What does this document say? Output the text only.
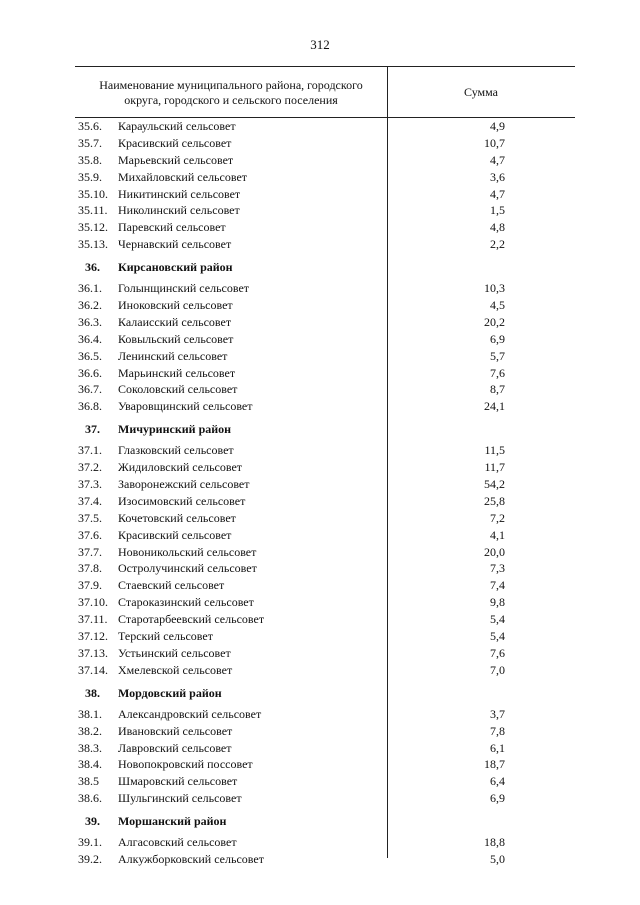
312
Наименование муниципального района, городского
округа, городского и сельского поселения
Сумма
35.6.	Караульский сельсовет	4,9
35.7.	Красивский сельсовет	10,7
35.8.	Марьевский сельсовет	4,7
35.9.	Михайловский сельсовет	3,6
35.10. Никитинский сельсовет	4,7
35.11. Николинский сельсовет	1,5
35.12. Паревский сельсовет	4,8
35.13. Чернавский сельсовет	2,2
36.	Кирсановский район
36.1.	Голынщинский сельсовет	10,3
36.2.	Иноковский сельсовет	4,5
36.3.	Калаисский сельсовет	20,2
36.4.	Ковыльский сельсовет	6,9
36.5.	Ленинский сельсовет	5,7
36.6.	Марьинский сельсовет	7,6
36.7.	Соколовский сельсовет	8,7
36.8.	Уваровщинский сельсовет	24,1
37.	Мичуринский район
37.1.	Глазковский сельсовет	11,5
37.2.	Жидиловский сельсовет	11,7
37.3.	Заворонежский сельсовет	54,2
37.4.	Изосимовский сельсовет	25,8
37.5.	Кочетовский сельсовет	7,2
37.6.	Красивский сельсовет	4,1
37.7.	Новоникольский сельсовет	20,0
37.8.	Остролучинский сельсовет	7,3
37.9.	Стаевский сельсовет	7,4
37.10. Староказинский сельсовет	9,8
37.11. Старотарбеевский сельсовет	5,4
37.12. Терский сельсовет	5,4
37.13. Устьинский сельсовет	7,6
37.14. Хмелевской сельсовет	7,0
38.	Мордовский район
38.1.	Александровский сельсовет	3,7
38.2.	Ивановский сельсовет	7,8
38.3.	Лавровский сельсовет	6,1
38.4.	Новопокровский поссовет	18,7
38.5	Шмаровский сельсовет	6,4
38.6.	Шульгинский сельсовет	6,9
39.	Моршанский район
39.1.	Алгасовский сельсовет	18,8
39.2.	Алкужборковский сельсовет	5,0
